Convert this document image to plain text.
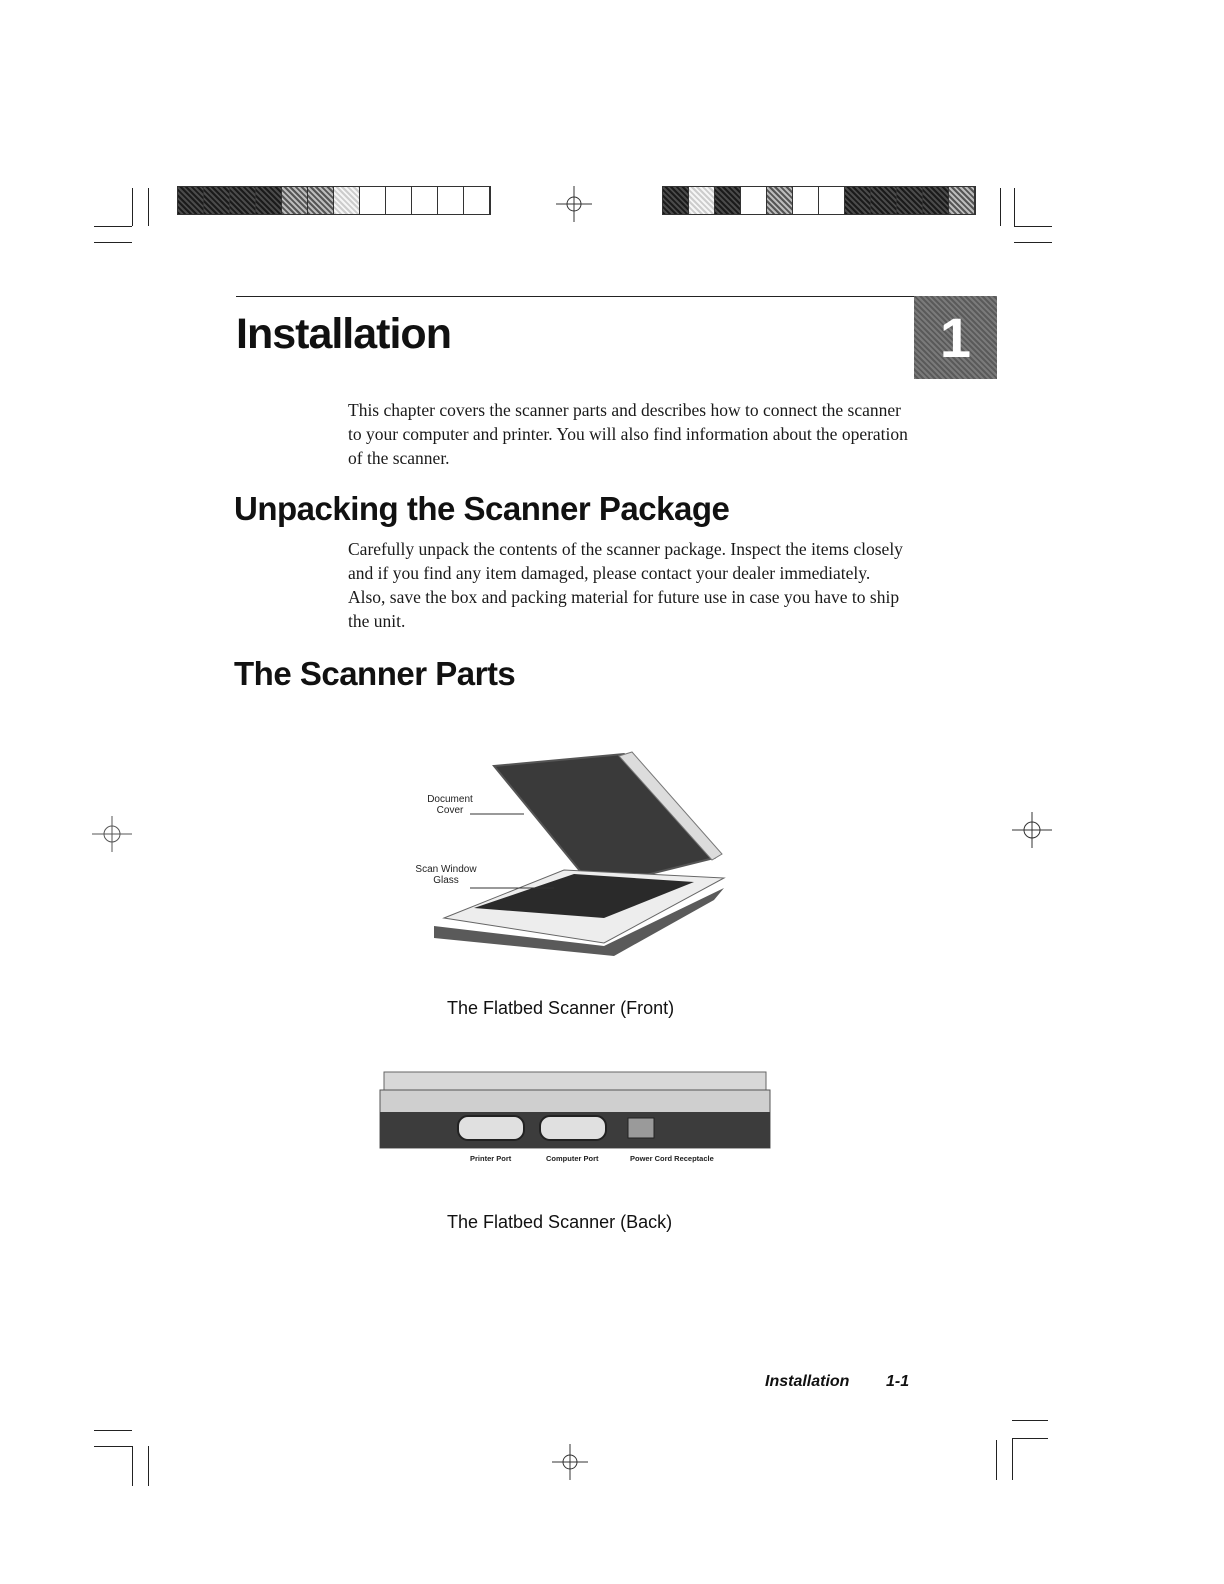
Installation	1

This chapter covers the scanner parts and describes how to connect the scanner to your computer and printer. You will also find information about the operation of the scanner.

Unpacking the Scanner Package

Carefully unpack the contents of the scanner package. Inspect the items closely and if you find any item damaged, please contact your dealer immediately. Also, save the box and packing material for future use in case you have to ship the unit.

The Scanner Parts
Document
Cover
Scan Window
Glass
The Flatbed Scanner (Front)
Printer Port	Computer Port	Power Cord Receptacle
The Flatbed Scanner (Back)
Installation 1-1
